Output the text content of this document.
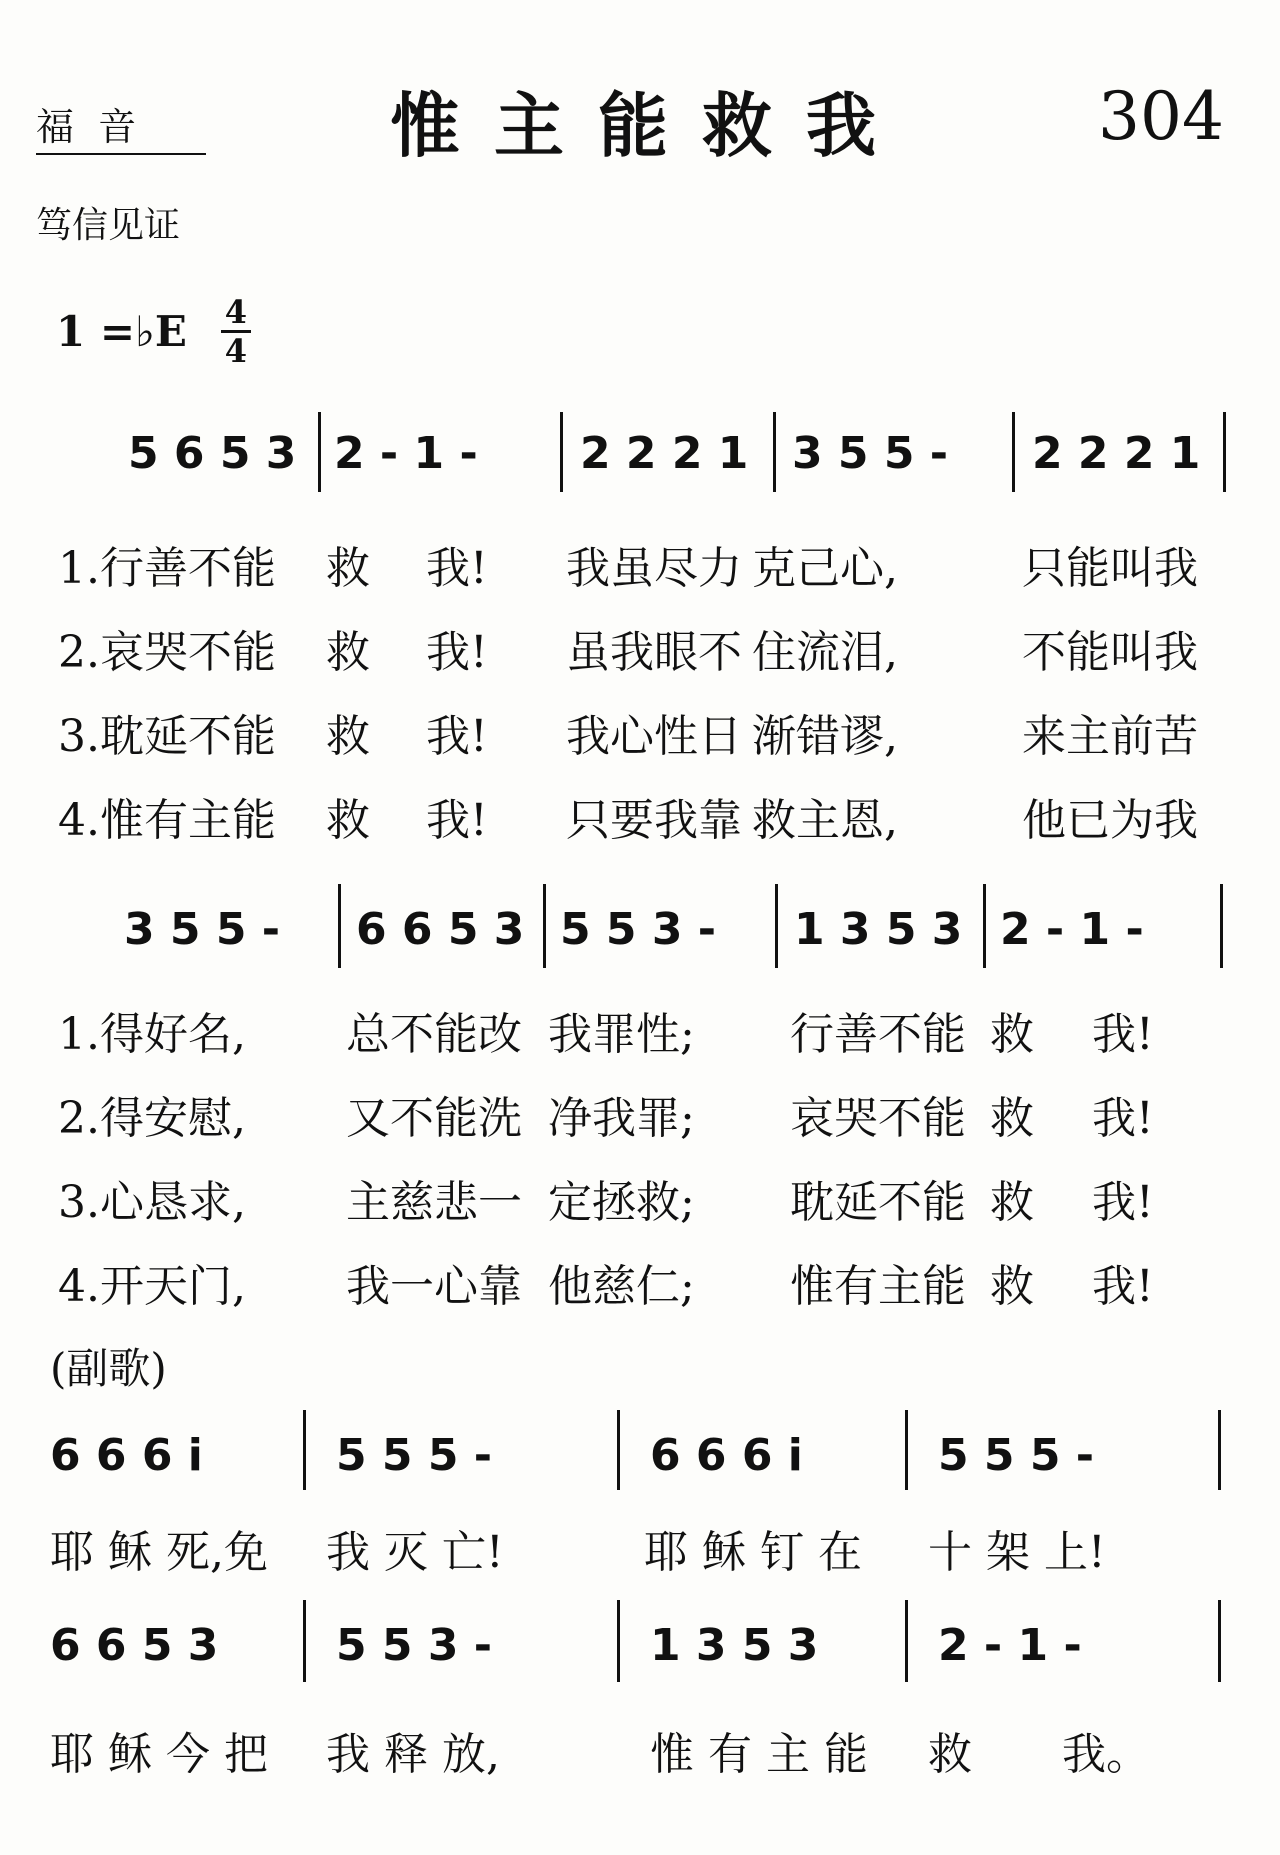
福  音

笃信见证

惟主能救我	304
1 =♭E $\frac{4}{4}$
5 6 5 3 2 - 1 - 2 2 2 1 3 5 5 - 2 2 2 1
1.行善不能 救 我! 我虽尽力 克己心,	只能叫我
2.哀哭不能 救 我! 虽我眼不 住流泪,	不能叫我
3.耽延不能 救 我! 我心性日 渐错谬,	来主前苦
4.惟有主能 救 我! 只要我靠 救主恩,	他已为我
3 5 5 - 6 6 5 3 5 5 3 - 1 3 5 3 2 - 1 -
1.得好名, 总不能改 我罪性; 行善不能 救 我!
2.得安慰, 又不能洗 净我罪; 哀哭不能 救 我!
3.心恳求, 主慈悲一 定拯救; 耽延不能 救 我!
4.开天门, 我一心靠 他慈仁; 惟有主能 救 我!
(副歌)
6 6 6 i	5 5 5 -	6 6 6 i	5 5 5 -
耶 稣 死,免 我 灭 亡!	耶 稣 钉 在 十 架 上!
6 6 5 3	5 5 3 -	1 3 5 3	2 - 1 -
耶 稣 今 把 我 释 放,	惟 有 主 能 救 我。
